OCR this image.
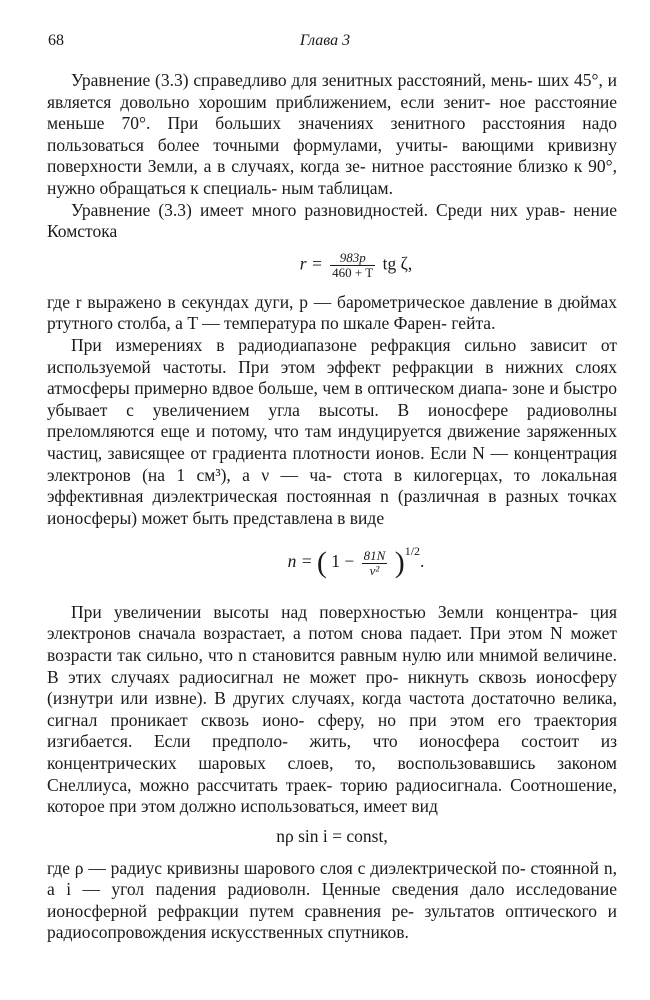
68	Глава 3

Уравнение (3.3) справедливо для зенитных расстояний, мень- ших 45°, и является довольно хорошим приближением, если зенит- ное расстояние меньше 70°. При больших значениях зенитного расстояния надо пользоваться более точными формулами, учиты- вающими кривизну поверхности Земли, а в случаях, когда зе- нитное расстояние близко к 90°, нужно обращаться к специаль- ным таблицам.

Уравнение (3.3) имеет много разновидностей. Среди них урав- нение Комстока

$r = \frac{983p}{460 + T}$ tg ζ,

где r выражено в секундах дуги, p — барометрическое давление в дюймах ртутного столба, а T — температура по шкале Фарен- гейта.

При измерениях в радиодиапазоне рефракция сильно зависит от используемой частоты. При этом эффект рефракции в нижних слоях атмосферы примерно вдвое больше, чем в оптическом диапа- зоне и быстро убывает с увеличением угла высоты. В ионосфере радиоволны преломляются еще и потому, что там индуцируется движение заряженных частиц, зависящее от градиента плотности ионов. Если N — концентрация электронов (на 1 см³), а ν — ча- стота в килогерцах, то локальная эффективная диэлектрическая постоянная n (различная в разных точках ионосферы) может быть представлена в виде

n = ( $1 - \frac{81N}{\text{ν²}} )^{1/2}$.

При увеличении высоты над поверхностью Земли концентра- ция электронов сначала возрастает, а потом снова падает. При этом N может возрасти так сильно, что n становится равным нулю или мнимой величине. В этих случаях радиосигнал не может про- никнуть сквозь ионосферу (изнутри или извне). В других случаях, когда частота достаточно велика, сигнал проникает сквозь ионо- сферу, но при этом его траектория изгибается. Если предполо- жить, что ионосфера состоит из концентрических шаровых слоев, то, воспользовавшись законом Снеллиуса, можно рассчитать траек- торию радиосигнала. Соотношение, которое при этом должно использоваться, имеет вид

nρ sin i = const,

где ρ — радиус кривизны шарового слоя с диэлектрической по- стоянной n, а i — угол падения радиоволн. Ценные сведения дало исследование ионосферной рефракции путем сравнения ре- зультатов оптического и радиосопровождения искусственных спутников.
